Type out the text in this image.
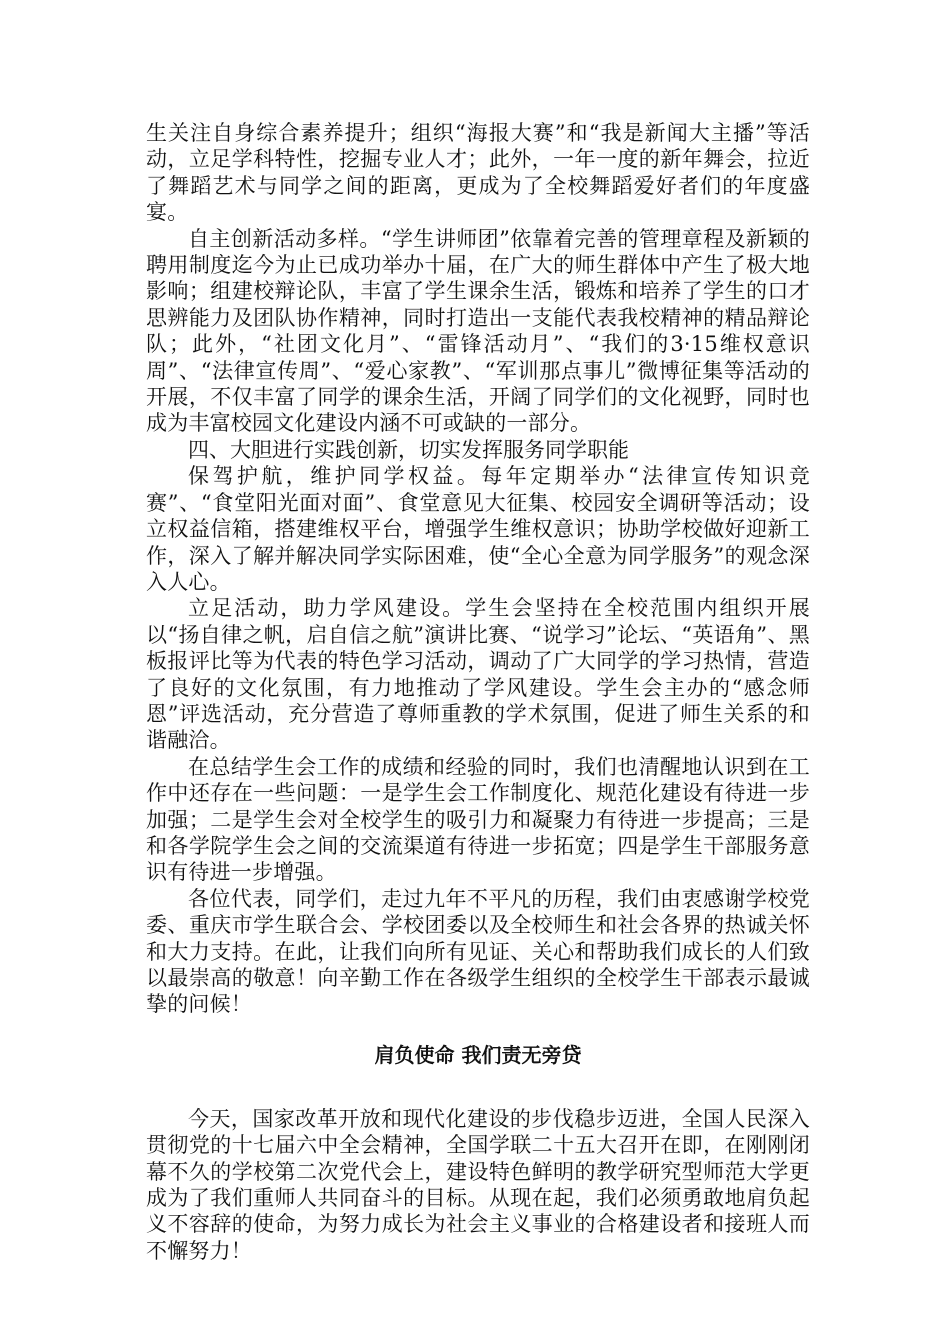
生关注自身综合素养提升；组织“海报大赛”和“我是新闻大主播”等活动，立足学科特性，挖掘专业人才；此外，一年一度的新年舞会，拉近了舞蹈艺术与同学之间的距离，更成为了全校舞蹈爱好者们的年度盛宴。

自主创新活动多样。“学生讲师团”依靠着完善的管理章程及新颖的聘用制度迄今为止已成功举办十届，在广大的师生群体中产生了极大地影响；组建校辩论队，丰富了学生课余生活，锻炼和培养了学生的口才思辨能力及团队协作精神，同时打造出一支能代表我校精神的精品辩论队；此外，“社团文化月”、“雷锋活动月”、“我们的3·15维权意识周”、“法律宣传周”、“爱心家教”、“军训那点事儿”微博征集等活动的开展，不仅丰富了同学的课余生活，开阔了同学们的文化视野，同时也成为丰富校园文化建设内涵不可或缺的一部分。

四、大胆进行实践创新，切实发挥服务同学职能

保驾护航，维护同学权益。每年定期举办“法律宣传知识竞赛”、“食堂阳光面对面”、食堂意见大征集、校园安全调研等活动；设立权益信箱，搭建维权平台，增强学生维权意识；协助学校做好迎新工作，深入了解并解决同学实际困难，使“全心全意为同学服务”的观念深入人心。

立足活动，助力学风建设。学生会坚持在全校范围内组织开展以“扬自律之帆，启自信之航”演讲比赛、“说学习”论坛、“英语角”、黑板报评比等为代表的特色学习活动，调动了广大同学的学习热情，营造了良好的文化氛围，有力地推动了学风建设。学生会主办的“感念师恩”评选活动，充分营造了尊师重教的学术氛围，促进了师生关系的和谐融洽。

在总结学生会工作的成绩和经验的同时，我们也清醒地认识到在工作中还存在一些问题：一是学生会工作制度化、规范化建设有待进一步加强；二是学生会对全校学生的吸引力和凝聚力有待进一步提高；三是和各学院学生会之间的交流渠道有待进一步拓宽；四是学生干部服务意识有待进一步增强。

各位代表，同学们，走过九年不平凡的历程，我们由衷感谢学校党委、重庆市学生联合会、学校团委以及全校师生和社会各界的热诚关怀和大力支持。在此，让我们向所有见证、关心和帮助我们成长的人们致以最崇高的敬意！向辛勤工作在各级学生组织的全校学生干部表示最诚挚的问候！

肩负使命 我们责无旁贷

今天，国家改革开放和现代化建设的步伐稳步迈进，全国人民深入贯彻党的十七届六中全会精神，全国学联二十五大召开在即，在刚刚闭幕不久的学校第二次党代会上，建设特色鲜明的教学研究型师范大学更成为了我们重师人共同奋斗的目标。从现在起，我们必须勇敢地肩负起义不容辞的使命，为努力成长为社会主义事业的合格建设者和接班人而不懈努力！
